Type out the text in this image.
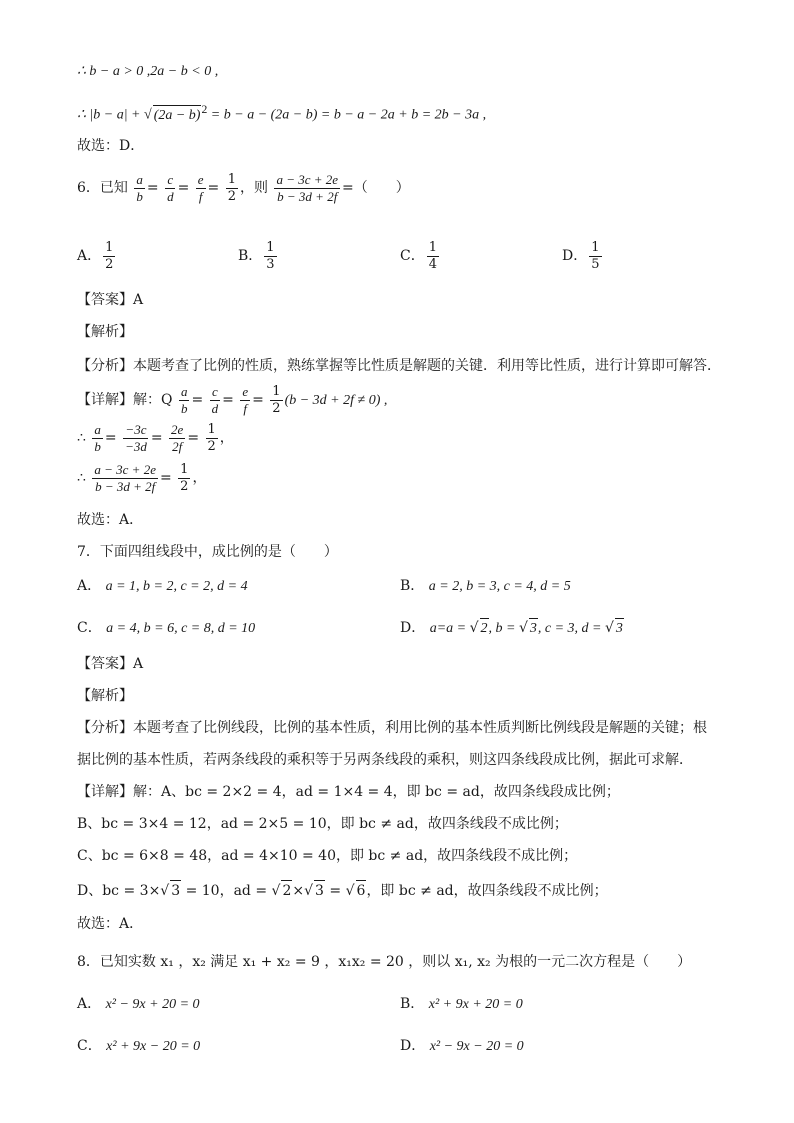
∴ b − a > 0 ,2a − b < 0 ,
∴ |b − a| + √ $(2a - b)^2 = b - a - (2a - b) = b - a - 2a + b = 2b - 3a$ ,
故选：D．
6．已知 $\frac{a}{b} = \frac{c}{d} = \frac{e}{f} = \frac{1}{2}$ ，则 $\frac{a - 3c + 2e}{b - 3d + 2f}$ =（　　）
A． $\frac{1}{2}$	B． $\frac{1}{3}$	C． $\frac{1}{4}$	D． $\frac{1}{5}$
【答案】A
【解析】
【分析】本题考查了比例的性质，熟练掌握等比性质是解题的关键．利用等比性质，进行计算即可解答．
【详解】解：Q $\frac{a}{b} = \frac{c}{d} = \frac{e}{f} = \frac{1}{2} (b - 3d + 2f \ne 0)$ ,
∴ $\frac{a}{b} = \frac{-3c}{-3d} = \frac{2e}{2f} = \frac{1}{2}$ ，
∴ $\frac{a - 3c + 2e}{b - 3d + 2f} = \frac{1}{2}$ ，
故选：A．
7．下面四组线段中，成比例的是（　　）
A． a = 1, b = 2, c = 2, d = 4	B． a = 2, b = 3, c = 4, d = 5
C． a = 4, b = 6, c = 8, d = 10	D． a=a = √ 2, b = √ 3, c = 3, d = √ 3
【答案】A
【解析】
【分析】本题考查了比例线段，比例的基本性质，利用比例的基本性质判断比例线段是解题的关键；根
据比例的基本性质，若两条线段的乘积等于另两条线段的乘积，则这四条线段成比例，据此可求解．
【详解】解：A、bc = 2×2 = 4，ad = 1×4 = 4，即 bc = ad，故四条线段成比例；
B、bc = 3×4 = 12，ad = 2×5 = 10，即 bc ≠ ad，故四条线段不成比例；
C、bc = 6×8 = 48，ad = 4×10 = 40，即 bc ≠ ad，故四条线段不成比例；
D、bc = 3×√ 3 = 10，ad = √ 2×√ 3 = √ 6，即 bc ≠ ad，故四条线段不成比例；
故选：A．
8．已知实数 x₁ ，x₂ 满足 x₁ + x₂ = 9 ，x₁x₂ = 20 ，则以 x₁, x₂ 为根的一元二次方程是（　　）
A． x² − 9x + 20 = 0	B． x² + 9x + 20 = 0
C． x² + 9x − 20 = 0	D． x² − 9x − 20 = 0
